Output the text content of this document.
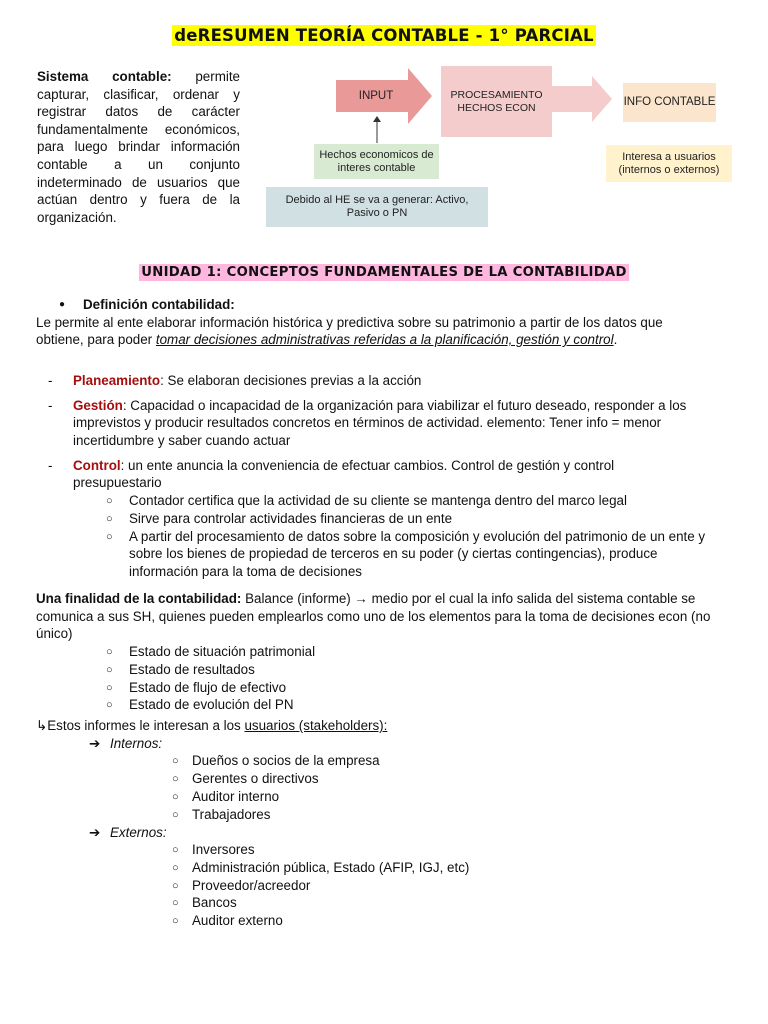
deRESUMEN TEORÍA CONTABLE - 1° PARCIAL
Sistema contable: permite capturar, clasificar, ordenar y registrar datos de carácter fundamentalmente económicos, para luego brindar información contable a un conjunto indeterminado de usuarios que actúan dentro y fuera de la organización.
INPUT	PROCESAMIENTO HECHOS ECON	INFO CONTABLE
Hechos economicos de interes contable
Interesa a usuarios (internos o externos)
Debido al HE se va a generar: Activo, Pasivo o PN
UNIDAD 1: CONCEPTOS FUNDAMENTALES DE LA CONTABILIDAD
● Definición contabilidad:
Le permite al ente elaborar información histórica y predictiva sobre su patrimonio a partir de los datos que
obtiene, para poder tomar decisiones administrativas referidas a la planificación, gestión y control.
- Planeamiento: Se elaboran decisiones previas a la acción
- Gestión: Capacidad o incapacidad de la organización para viabilizar el futuro deseado, responder a los
imprevistos y producir resultados concretos en términos de actividad. elemento: Tener info = menor
incertidumbre y saber cuando actuar
- Control: un ente anuncia la conveniencia de efectuar cambios. Control de gestión y control
presupuestario
○ Contador certifica que la actividad de su cliente se mantenga dentro del marco legal
○ Sirve para controlar actividades financieras de un ente
○ A partir del procesamiento de datos sobre la composición y evolución del patrimonio de un ente y
sobre los bienes de propiedad de terceros en su poder (y ciertas contingencias), produce
información para la toma de decisiones
Una finalidad de la contabilidad: Balance (informe) → medio por el cual la info salida del sistema contable se
comunica a sus SH, quienes pueden emplearlos como uno de los elementos para la toma de decisiones econ (no
único)
○ Estado de situación patrimonial
○ Estado de resultados
○ Estado de flujo de efectivo
○ Estado de evolución del PN
↳Estos informes le interesan a los usuarios (stakeholders):
➔ Internos:
○ Dueños o socios de la empresa
○ Gerentes o directivos
○ Auditor interno
○ Trabajadores
➔ Externos:
○ Inversores
○ Administración pública, Estado (AFIP, IGJ, etc)
○ Proveedor/acreedor
○ Bancos
○ Auditor externo
